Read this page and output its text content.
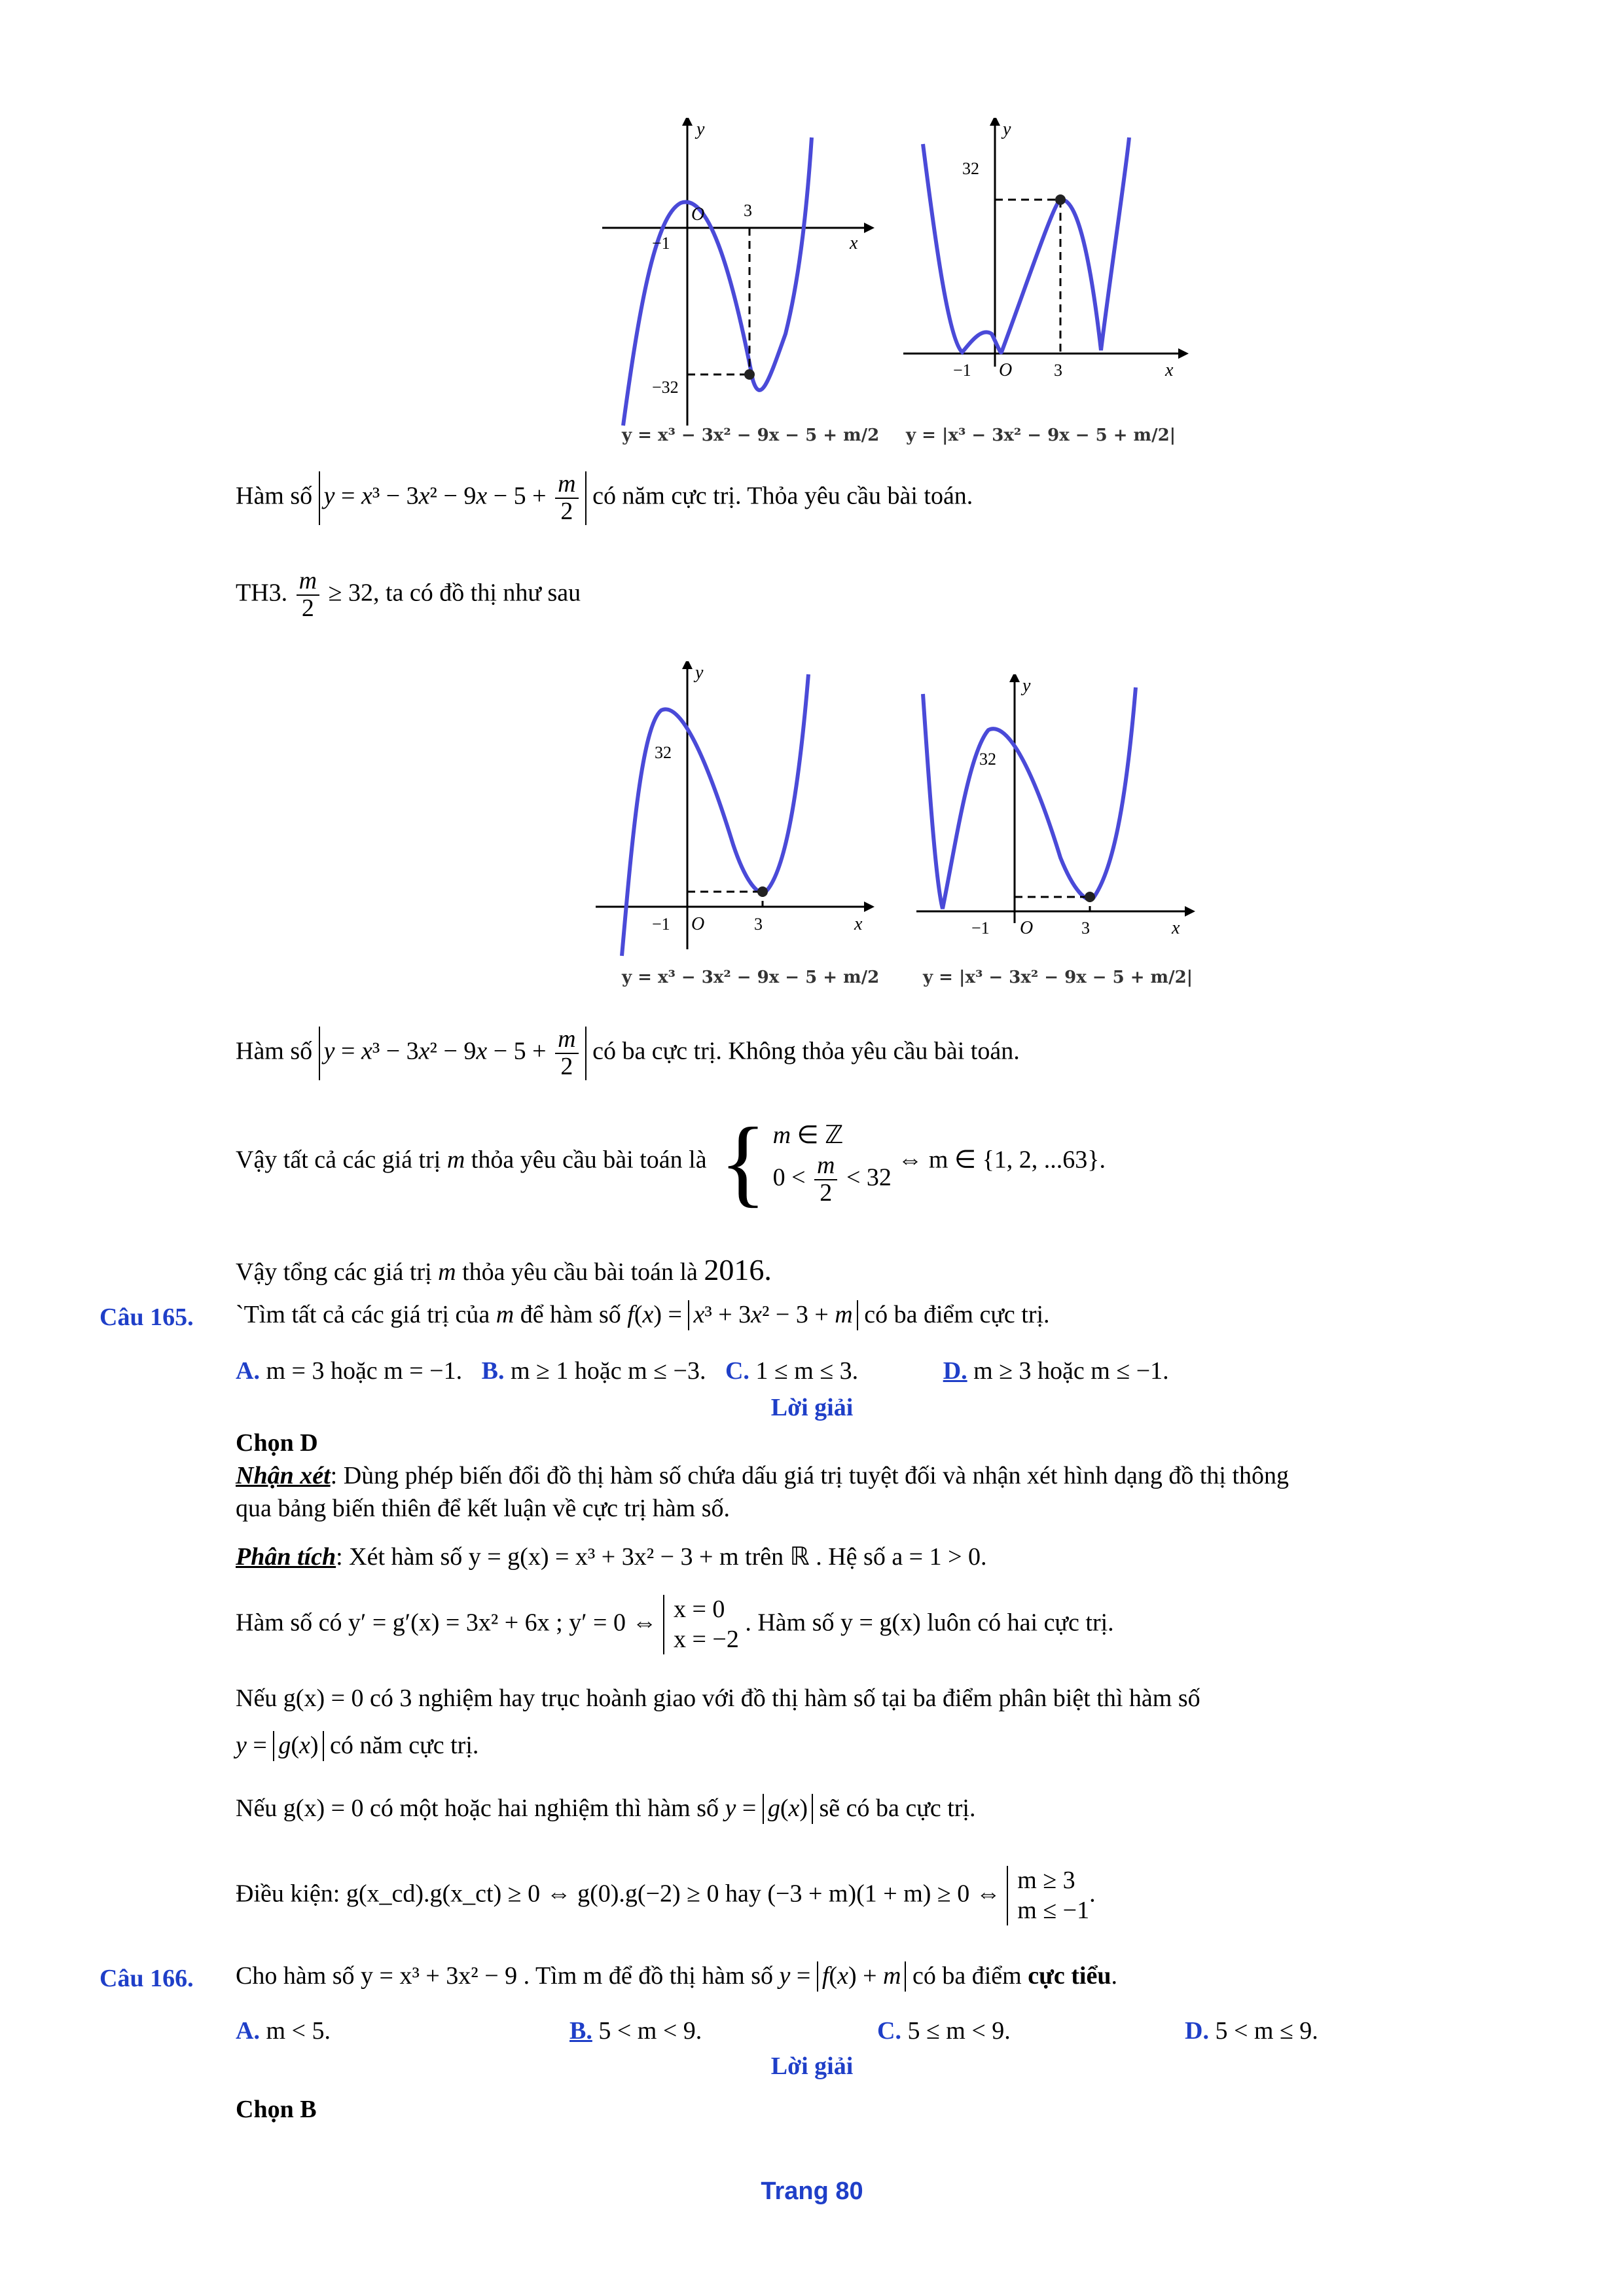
y
x
O
−1
3
−32
y = x³ − 3x² − 9x − 5 + m/2
y
x
32
−1 O 3
y = |x³ − 3x² − 9x − 5 + m/2|
Hàm số $y = x^3 - 3x^2 - 9x - 5 + \frac{m}{2}$ có năm cực trị. Thỏa yêu cầu bài toán.
TH3. $\frac{m}{2} \ge 32$, ta có đồ thị như sau
y
x
32
−1 O	3
y = x³ − 3x² − 9x − 5 + m/2
y
x
32
−1 O	3
y = |x³ − 3x² − 9x − 5 + m/2|
Hàm số $y = x^3 - 3x^2 - 9x - 5 + \frac{m}{2}$ có ba cực trị. Không thỏa yêu cầu bài toán.
Vậy tất cả các giá trị m thỏa yêu cầu bài toán là { m ∈ ℤ
$0 < \frac{m}{2} < 32$
⇔ m ∈ {1, 2, ...63}.
Vậy tổng các giá trị m thỏa yêu cầu bài toán là 2016.
Câu 165. `Tìm tất cả các giá trị của m để hàm số f(x) = x³ + 3x² − 3 + m có ba điểm cực trị.
A. m = 3 hoặc m = −1. B. m ≥ 1 hoặc m ≤ −3. C. 1 ≤ m ≤ 3.	D. m ≥ 3 hoặc m ≤ −1.
Lời giải
Chọn D
Nhận xét: Dùng phép biến đổi đồ thị hàm số chứa dấu giá trị tuyệt đối và nhận xét hình dạng đồ thị thông
qua bảng biến thiên để kết luận về cực trị hàm số.
Phân tích: Xét hàm số y = g(x) = x³ + 3x² − 3 + m trên ℝ . Hệ số a = 1 > 0.
Hàm số có y′ = g′(x) = 3x² + 6x ; y′ = 0 ⇔ x = 0
x = −2
. Hàm số y = g(x) luôn có hai cực trị.
Nếu g(x) = 0 có 3 nghiệm hay trục hoành giao với đồ thị hàm số tại ba điểm phân biệt thì hàm số
y = g(x) có năm cực trị.
Nếu g(x) = 0 có một hoặc hai nghiệm thì hàm số y = g(x) sẽ có ba cực trị.
Điều kiện: g(x_cd).g(x_ct) ≥ 0 ⇔ g(0).g(−2) ≥ 0 hay (−3 + m)(1 + m) ≥ 0 ⇔ m ≥ 3
m ≤ −1
.
Câu 166. Cho hàm số y = x³ + 3x² − 9 . Tìm m để đồ thị hàm số y = f(x) + m có ba điểm cực tiểu.
A. m < 5.	B. 5 < m < 9.	C. 5 ≤ m < 9.	D. 5 < m ≤ 9.
Lời giải
Chọn B
Trang 80
